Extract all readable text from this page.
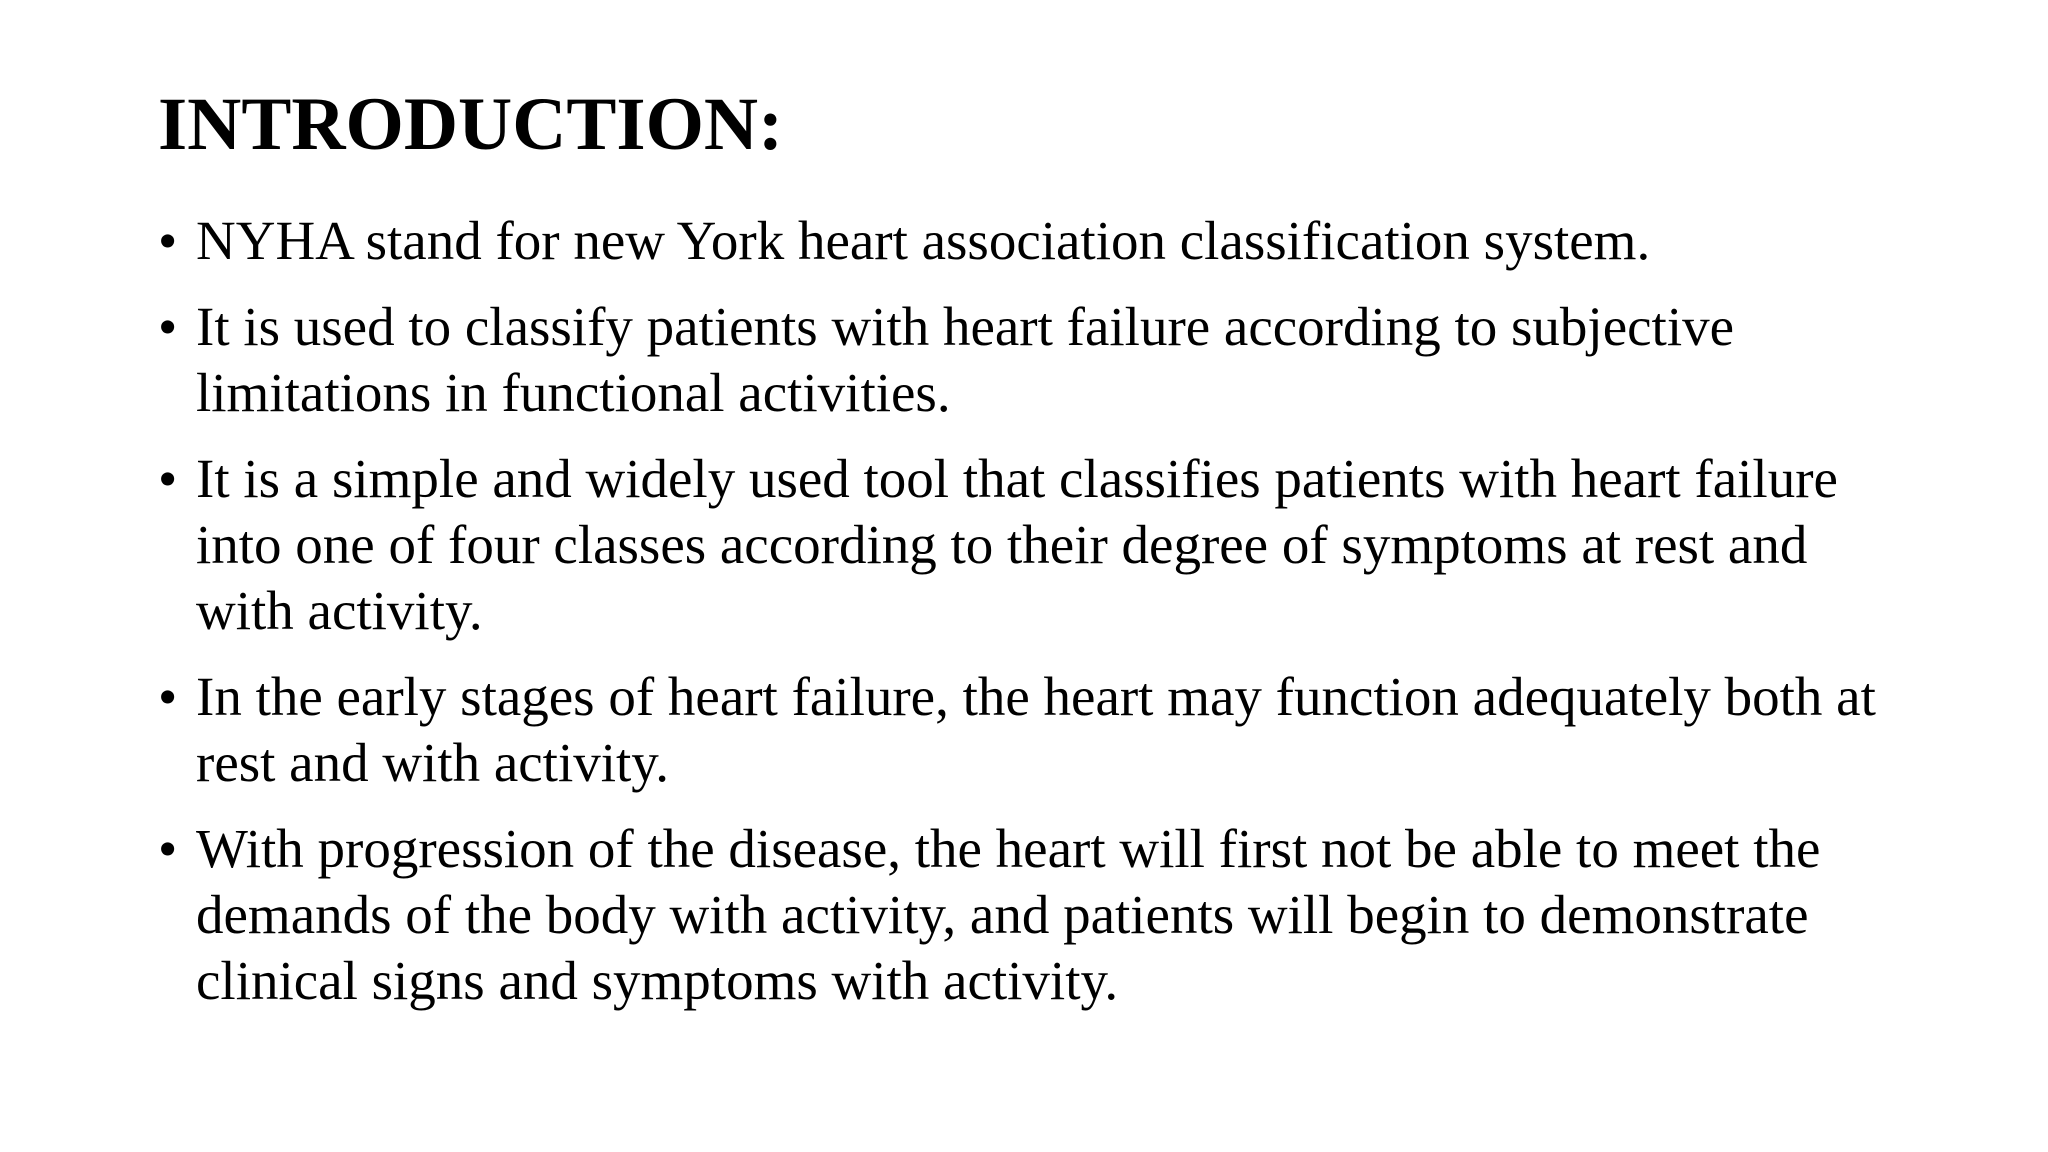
INTRODUCTION:
• NYHA stand for new York heart association classification system.
• It is used to classify patients with heart failure according to subjective limitations in functional activities.
• It is a simple and widely used tool that classifies patients with heart failure into one of four classes according to their degree of symptoms at rest and with activity.
• In the early stages of heart failure, the heart may function adequately both at rest and with activity.
• With progression of the disease, the heart will first not be able to meet the demands of the body with activity, and patients will begin to demonstrate clinical signs and symptoms with activity.
